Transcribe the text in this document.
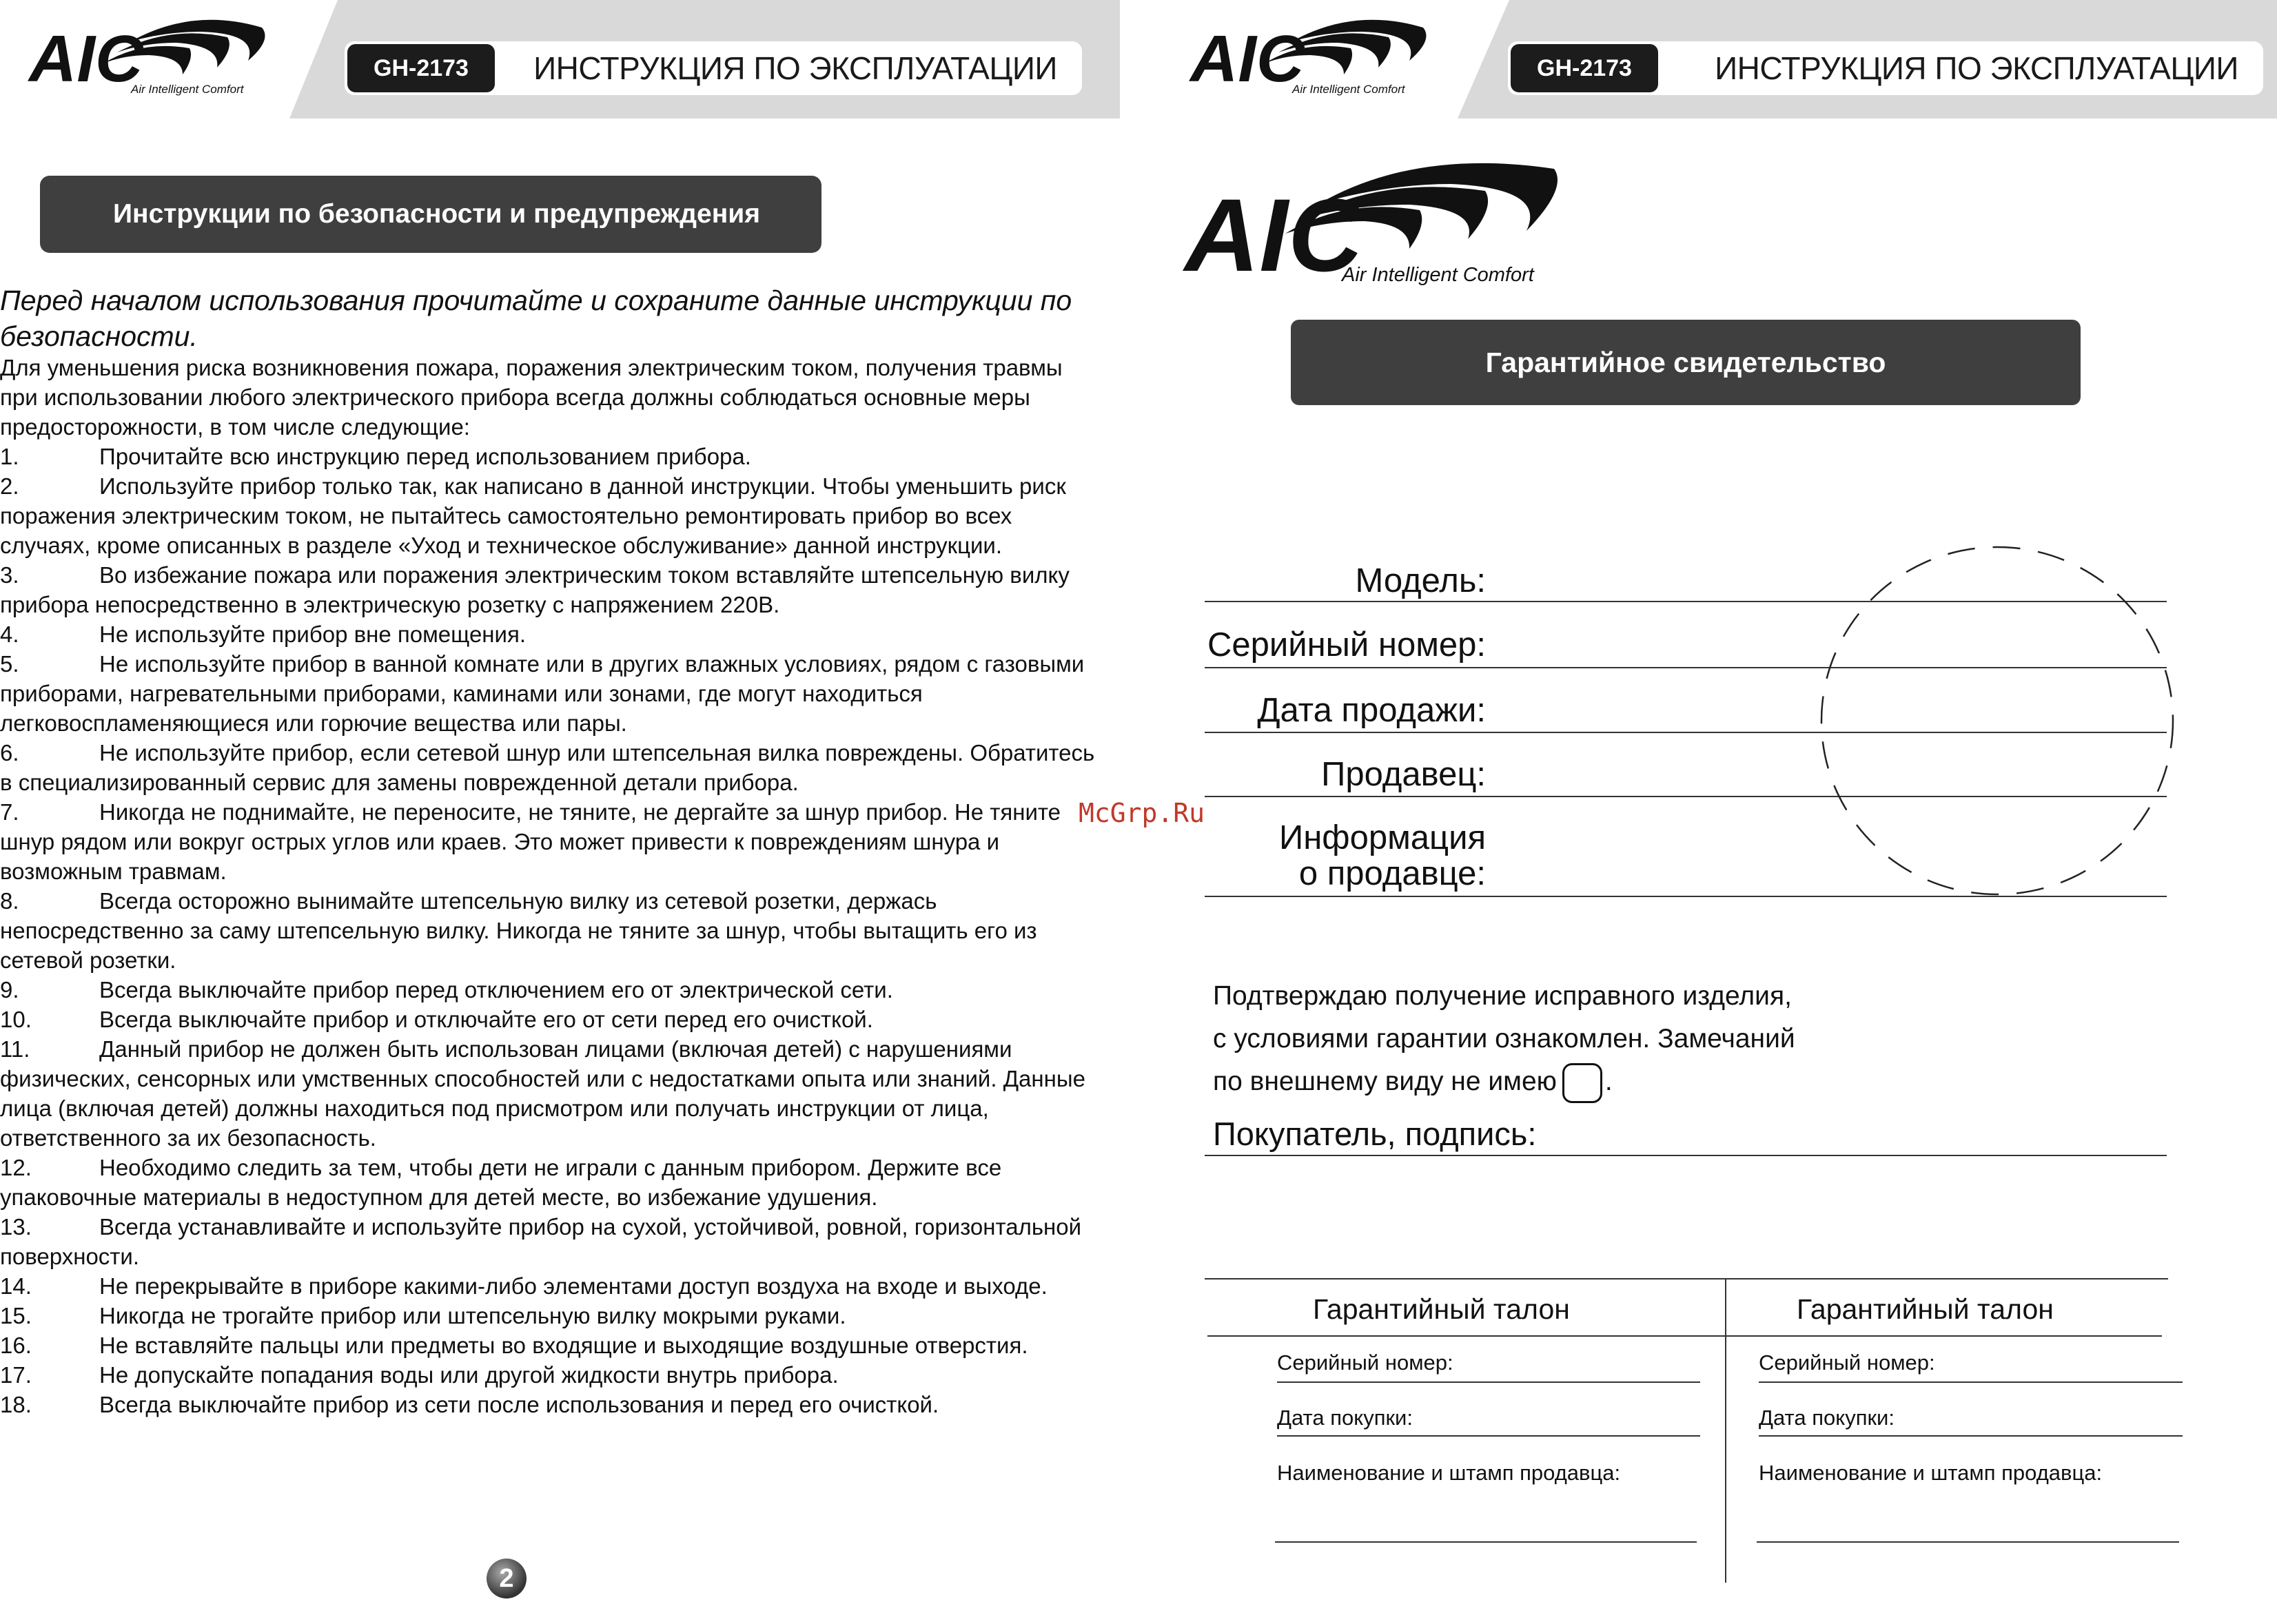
AIC
Air Intelligent Comfort
GH-2173	ИНСТРУКЦИЯ ПО ЭКСПЛУАТАЦИИ AIC
Air Intelligent Comfort
GH-2173	ИНСТРУКЦИЯ ПО ЭКСПЛУАТАЦИИ
Инструкции по безопасности и предупреждения
Перед началом использования прочитайте и сохраните данные инструкции по безопасности.
Для уменьшения риска возникновения пожара, поражения электрическим током, получения травмы при использовании любого электрического прибора всегда должны соблюдаться основные меры предосторожности, в том числе следующие:
1.	Прочитайте всю инструкцию перед использованием прибора.
2.	Используйте прибор только так, как написано в данной инструкции. Чтобы уменьшить риск поражения электрическим током, не пытайтесь самостоятельно ремонтировать прибор во всех случаях, кроме описанных в разделе «Уход и техническое обслуживание» данной инструкции.
3.	Во избежание пожара или поражения электрическим током вставляйте штепсельную вилку прибора непосредственно в электрическую розетку с напряжением 220В.
4.	Не используйте прибор вне помещения.
5.	Не используйте прибор в ванной комнате или в других влажных условиях, рядом с газовыми приборами, нагревательными приборами, каминами или зонами, где могут находиться легковоспламеняющиеся или горючие вещества или пары.
6.	Не используйте прибор, если сетевой шнур или штепсельная вилка повреждены. Обратитесь в специализированный сервис для замены поврежденной детали прибора.
7.	Никогда не поднимайте, не переносите, не тяните, не дергайте за шнур прибор. Не тяните шнур рядом или вокруг острых углов или краев. Это может привести к повреждениям шнура и возможным травмам.
8.	Всегда осторожно вынимайте штепсельную вилку из сетевой розетки, держась непосредственно за саму штепсельную вилку. Никогда не тяните за шнур, чтобы вытащить его из сетевой розетки.
9.	Всегда выключайте прибор перед отключением его от электрической сети.
10.	Всегда выключайте прибор и отключайте его от сети перед его очисткой.
11.	Данный прибор не должен быть использован лицами (включая детей) с нарушениями физических, сенсорных или умственных способностей или с недостатками опыта или знаний. Данные лица (включая детей) должны находиться под присмотром или получать инструкции от лица, ответственного за их безопасность.
12.	Необходимо следить за тем, чтобы дети не играли с данным прибором. Держите все упаковочные материалы в недоступном для детей месте, во избежание удушения.
13.	Всегда устанавливайте и используйте прибор на сухой, устойчивой, ровной, горизонтальной поверхности.
14.	Не перекрывайте в приборе какими-либо элементами доступ воздуха на входе и выходе.
15.	Никогда не трогайте прибор или штепсельную вилку мокрыми руками.
16.	Не вставляйте пальцы или предметы во входящие и выходящие воздушные отверстия.
17.	Не допускайте попадания воды или другой жидкости внутрь прибора.
18.	Всегда выключайте прибор из сети после использования и перед его очисткой.
2
McGrp.Ru
AIC
Air Intelligent Comfort
Гарантийное свидетельство
Модель:
Серийный номер:
Дата продажи:
Продавец:
Информация
о продавце:
Подтверждаю получение исправного изделия,
с условиями гарантии ознакомлен. Замечаний
по внешнему виду не имею .
Покупатель, подпись:
Гарантийный талон
Серийный номер:
Дата покупки:
Наименование и штамп продавца:
Гарантийный талон
Серийный номер:
Дата покупки:
Наименование и штамп продавца:
